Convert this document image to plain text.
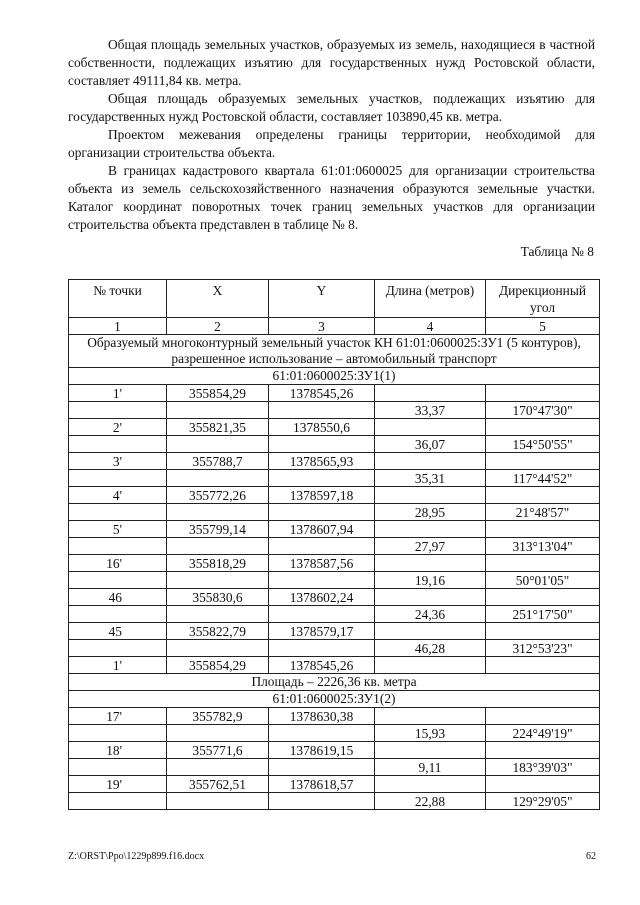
Общая площадь земельных участков, образуемых из земель, находящиеся в частной собственности, подлежащих изъятию для государственных нужд Ростовской области, составляет 49111,84 кв. метра.

Общая площадь образуемых земельных участков, подлежащих изъятию для государственных нужд Ростовской области, составляет 103890,45 кв. метра.

Проектом межевания определены границы территории, необходимой для организации строительства объекта.

В границах кадастрового квартала 61:01:0600025 для организации строительства объекта из земель сельскохозяйственного назначения образуются земельные участки. Каталог координат поворотных точек границ земельных участков для организации строительства объекта представлен в таблице № 8.

Таблица № 8
№ точки	X	Y	Длина (метров)	Дирекционный угол
1	2	3	4	5
Образуемый многоконтурный земельный участок КН 61:01:0600025:ЗУ1 (5 контуров), разрешенное использование – автомобильный транспорт				
61:01:0600025:ЗУ1(1)				
1'	355854,29	1378545,26		
			33,37	170°47'30"
2'	355821,35	1378550,6		
			36,07	154°50'55"
3'	355788,7	1378565,93		
			35,31	117°44'52"
4'	355772,26	1378597,18		
			28,95	21°48'57"
5'	355799,14	1378607,94		
			27,97	313°13'04"
16'	355818,29	1378587,56		
			19,16	50°01'05"
46	355830,6	1378602,24		
			24,36	251°17'50"
45	355822,79	1378579,17		
			46,28	312°53'23"
1'	355854,29	1378545,26		
Площадь – 2226,36 кв. метра				
61:01:0600025:ЗУ1(2)				
17'	355782,9	1378630,38		
			15,93	224°49'19"
18'	355771,6	1378619,15		
			9,11	183°39'03"
19'	355762,51	1378618,57		
			22,88	129°29'05"
Z:\ORST\Ppo\1229p899.f16.docx	62
